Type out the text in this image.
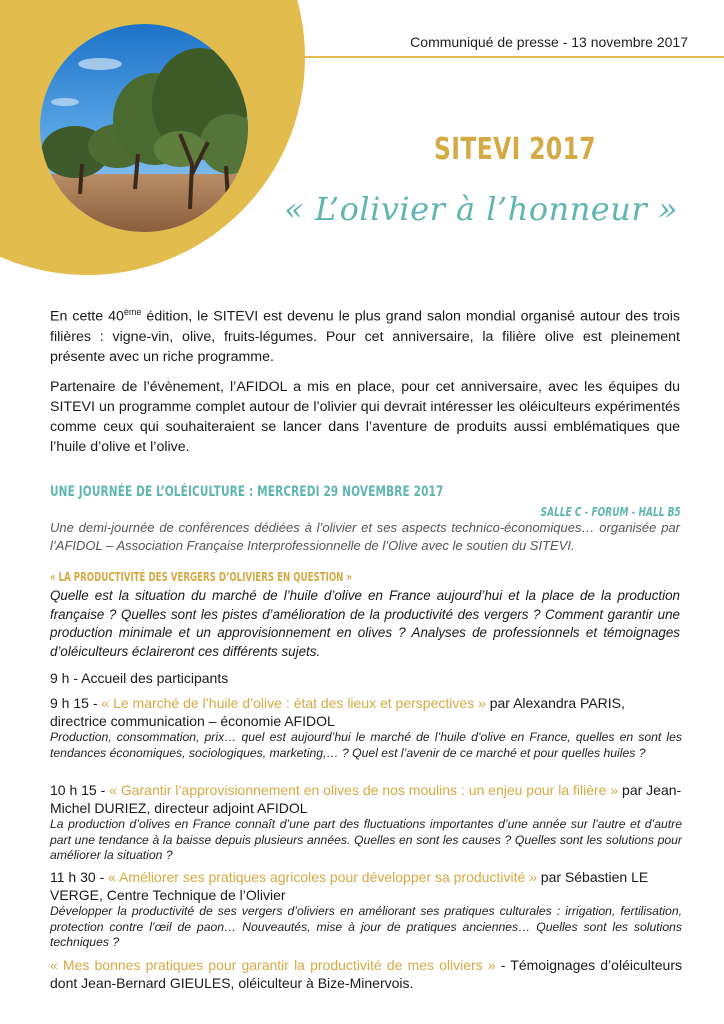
Communiqué de presse - 13 novembre 2017
SITEVI 2017
« L’olivier à l’honneur »

En cette 40ème édition, le SITEVI est devenu le plus grand salon mondial organisé autour des trois filières : vigne-vin, olive, fruits-légumes. Pour cet anniversaire, la filière olive est pleinement présente avec un riche programme.

Partenaire de l’évènement, l’AFIDOL a mis en place, pour cet anniversaire, avec les équipes du SITEVI un programme complet autour de l’olivier qui devrait intéresser les oléiculteurs expérimentés comme ceux qui souhaiteraient se lancer dans l’aventure de produits aussi emblématiques que l’huile d’olive et l’olive.

UNE JOURNÉE DE L’OLÉICULTURE : MERCREDI 29 NOVEMBRE 2017
SALLE C - FORUM - HALL B5
Une demi-journée de conférences dédiées à l’olivier et ses aspects technico-économiques… organisée par l’AFIDOL – Association Française Interprofessionnelle de l’Olive avec le soutien du SITEVI.
« LA PRODUCTIVITÉ DES VERGERS D’OLIVIERS EN QUESTION »
Quelle est la situation du marché de l’huile d’olive en France aujourd’hui et la place de la production française ? Quelles sont les pistes d’amélioration de la productivité des vergers ? Comment garantir une production minimale et un approvisionnement en olives ? Analyses de professionnels et témoignages d’oléiculteurs éclaireront ces différents sujets.
9 h - Accueil des participants
9 h 15 - « Le marché de l’huile d’olive : état des lieux et perspectives » par Alexandra PARIS, directrice communication – économie AFIDOL
Production, consommation, prix… quel est aujourd’hui le marché de l’huile d’olive en France, quelles en sont les tendances économiques, sociologiques, marketing,… ? Quel est l’avenir de ce marché et pour quelles huiles ?
10 h 15 - « Garantir l’approvisionnement en olives de nos moulins : un enjeu pour la filière » par Jean-Michel DURIEZ, directeur adjoint AFIDOL
La production d’olives en France connaît d’une part des fluctuations importantes d’une année sur l’autre et d’autre part une tendance à la baisse depuis plusieurs années. Quelles en sont les causes ? Quelles sont les solutions pour améliorer la situation ?
11 h 30 - « Améliorer ses pratiques agricoles pour développer sa productivité » par Sébastien LE VERGE, Centre Technique de l’Olivier
Développer la productivité de ses vergers d’oliviers en améliorant ses pratiques culturales : irrigation, fertilisation, protection contre l’œil de paon… Nouveautés, mise à jour de pratiques anciennes… Quelles sont les solutions techniques ?
« Mes bonnes pratiques pour garantir la productivité de mes oliviers » - Témoignages d’oléiculteurs dont Jean-Bernard GIEULES, oléiculteur à Bize-Minervois.
